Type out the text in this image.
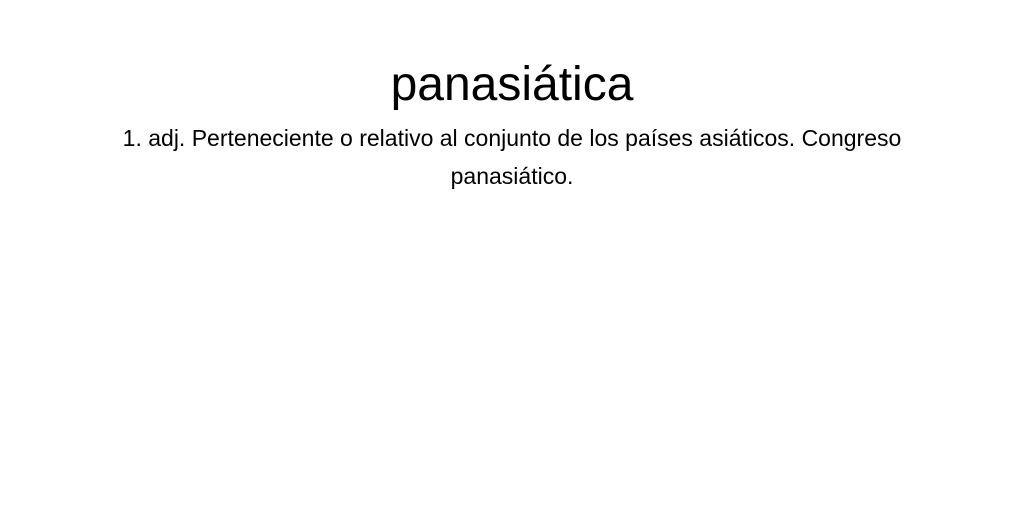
panasiática

1. adj. Perteneciente o relativo al conjunto de los países asiáticos. Congreso panasiático.
